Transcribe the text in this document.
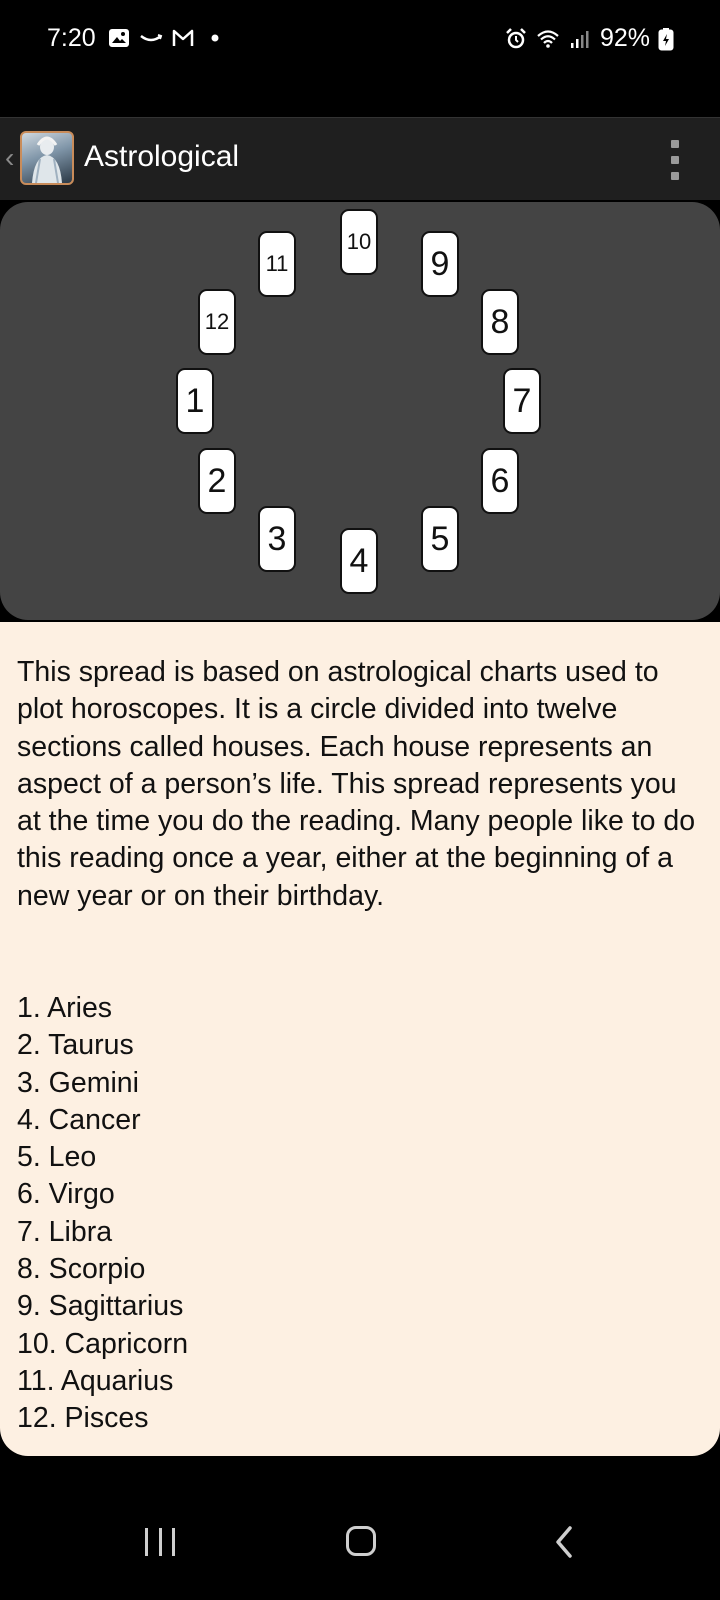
7:20	92%
‹ Astrological
1
2
3
4
5
6
7
8
9
10
11
12
This spread is based on astrological charts used to plot horoscopes. It is a circle divided into twelve sections called houses. Each house represents an aspect of a person’s life. This spread represents you at the time you do the reading. Many people like to do this reading once a year, either at the beginning of a new year or on their birthday.
1. Aries
2. Taurus
3. Gemini
4. Cancer
5. Leo
6. Virgo
7. Libra
8. Scorpio
9. Sagittarius
10. Capricorn
11. Aquarius
12. Pisces
